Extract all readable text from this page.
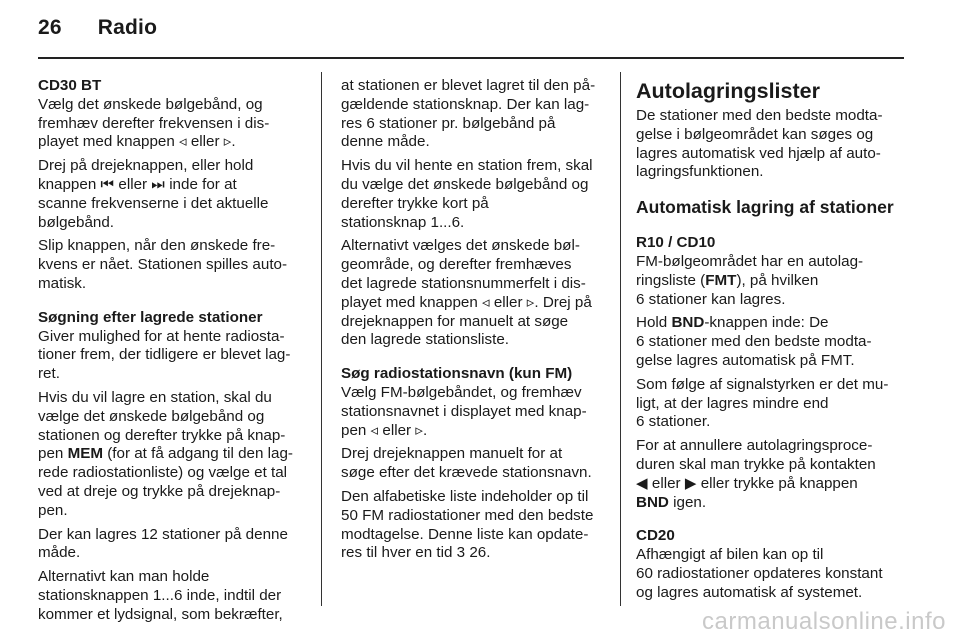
26 Radio
CD30 BT

Vælg det ønskede bølgebånd, og
fremhæv derefter frekvensen i dis-
playet med knappen ◃ eller ▹.

Drej på drejeknappen, eller hold
knappen ⏮ eller ⏭ inde for at
scanne frekvenserne i det aktuelle
bølgebånd.

Slip knappen, når den ønskede fre-
kvens er nået. Stationen spilles auto-
matisk.

Søgning efter lagrede stationer

Giver mulighed for at hente radiosta-
tioner frem, der tidligere er blevet lag-
ret.

Hvis du vil lagre en station, skal du
vælge det ønskede bølgebånd og
stationen og derefter trykke på knap-
pen MEM (for at få adgang til den lag-
rede radiostationliste) og vælge et tal
ved at dreje og trykke på drejeknap-
pen.

Der kan lagres 12 stationer på denne
måde.

Alternativt kan man holde
stationsknappen 1...6 inde, indtil der
kommer et lydsignal, som bekræfter,

at stationen er blevet lagret til den på-
gældende stationsknap. Der kan lag-
res 6 stationer pr. bølgebånd på
denne måde.

Hvis du vil hente en station frem, skal
du vælge det ønskede bølgebånd og
derefter trykke kort på
stationsknap 1...6.

Alternativt vælges det ønskede bøl-
geområde, og derefter fremhæves
det lagrede stationsnummerfelt i dis-
playet med knappen ◃ eller ▹. Drej på
drejeknappen for manuelt at søge
den lagrede stationsliste.

Søg radiostationsnavn (kun FM)

Vælg FM-bølgebåndet, og fremhæv
stationsnavnet i displayet med knap-
pen ◃ eller ▹.

Drej drejeknappen manuelt for at
søge efter det krævede stationsnavn.

Den alfabetiske liste indeholder op til
50 FM radiostationer med den bedste
modtagelse. Denne liste kan opdate-
res til hver en tid 3 26.

Autolagringslister

De stationer med den bedste modta-
gelse i bølgeområdet kan søges og
lagres automatisk ved hjælp af auto-
lagringsfunktionen.

Automatisk lagring af stationer
R10 / CD10

FM-bølgeområdet har en autolag-
ringsliste (FMT), på hvilken
6 stationer kan lagres.

Hold BND-knappen inde: De
6 stationer med den bedste modta-
gelse lagres automatisk på FMT.

Som følge af signalstyrken er det mu-
ligt, at der lagres mindre end
6 stationer.

For at annullere autolagringsproce-
duren skal man trykke på kontakten
◀ eller ▶ eller trykke på knappen
BND igen.

CD20

Afhængigt af bilen kan op til
60 radiostationer opdateres konstant
og lagres automatisk af systemet.

carmanualsonline.info
